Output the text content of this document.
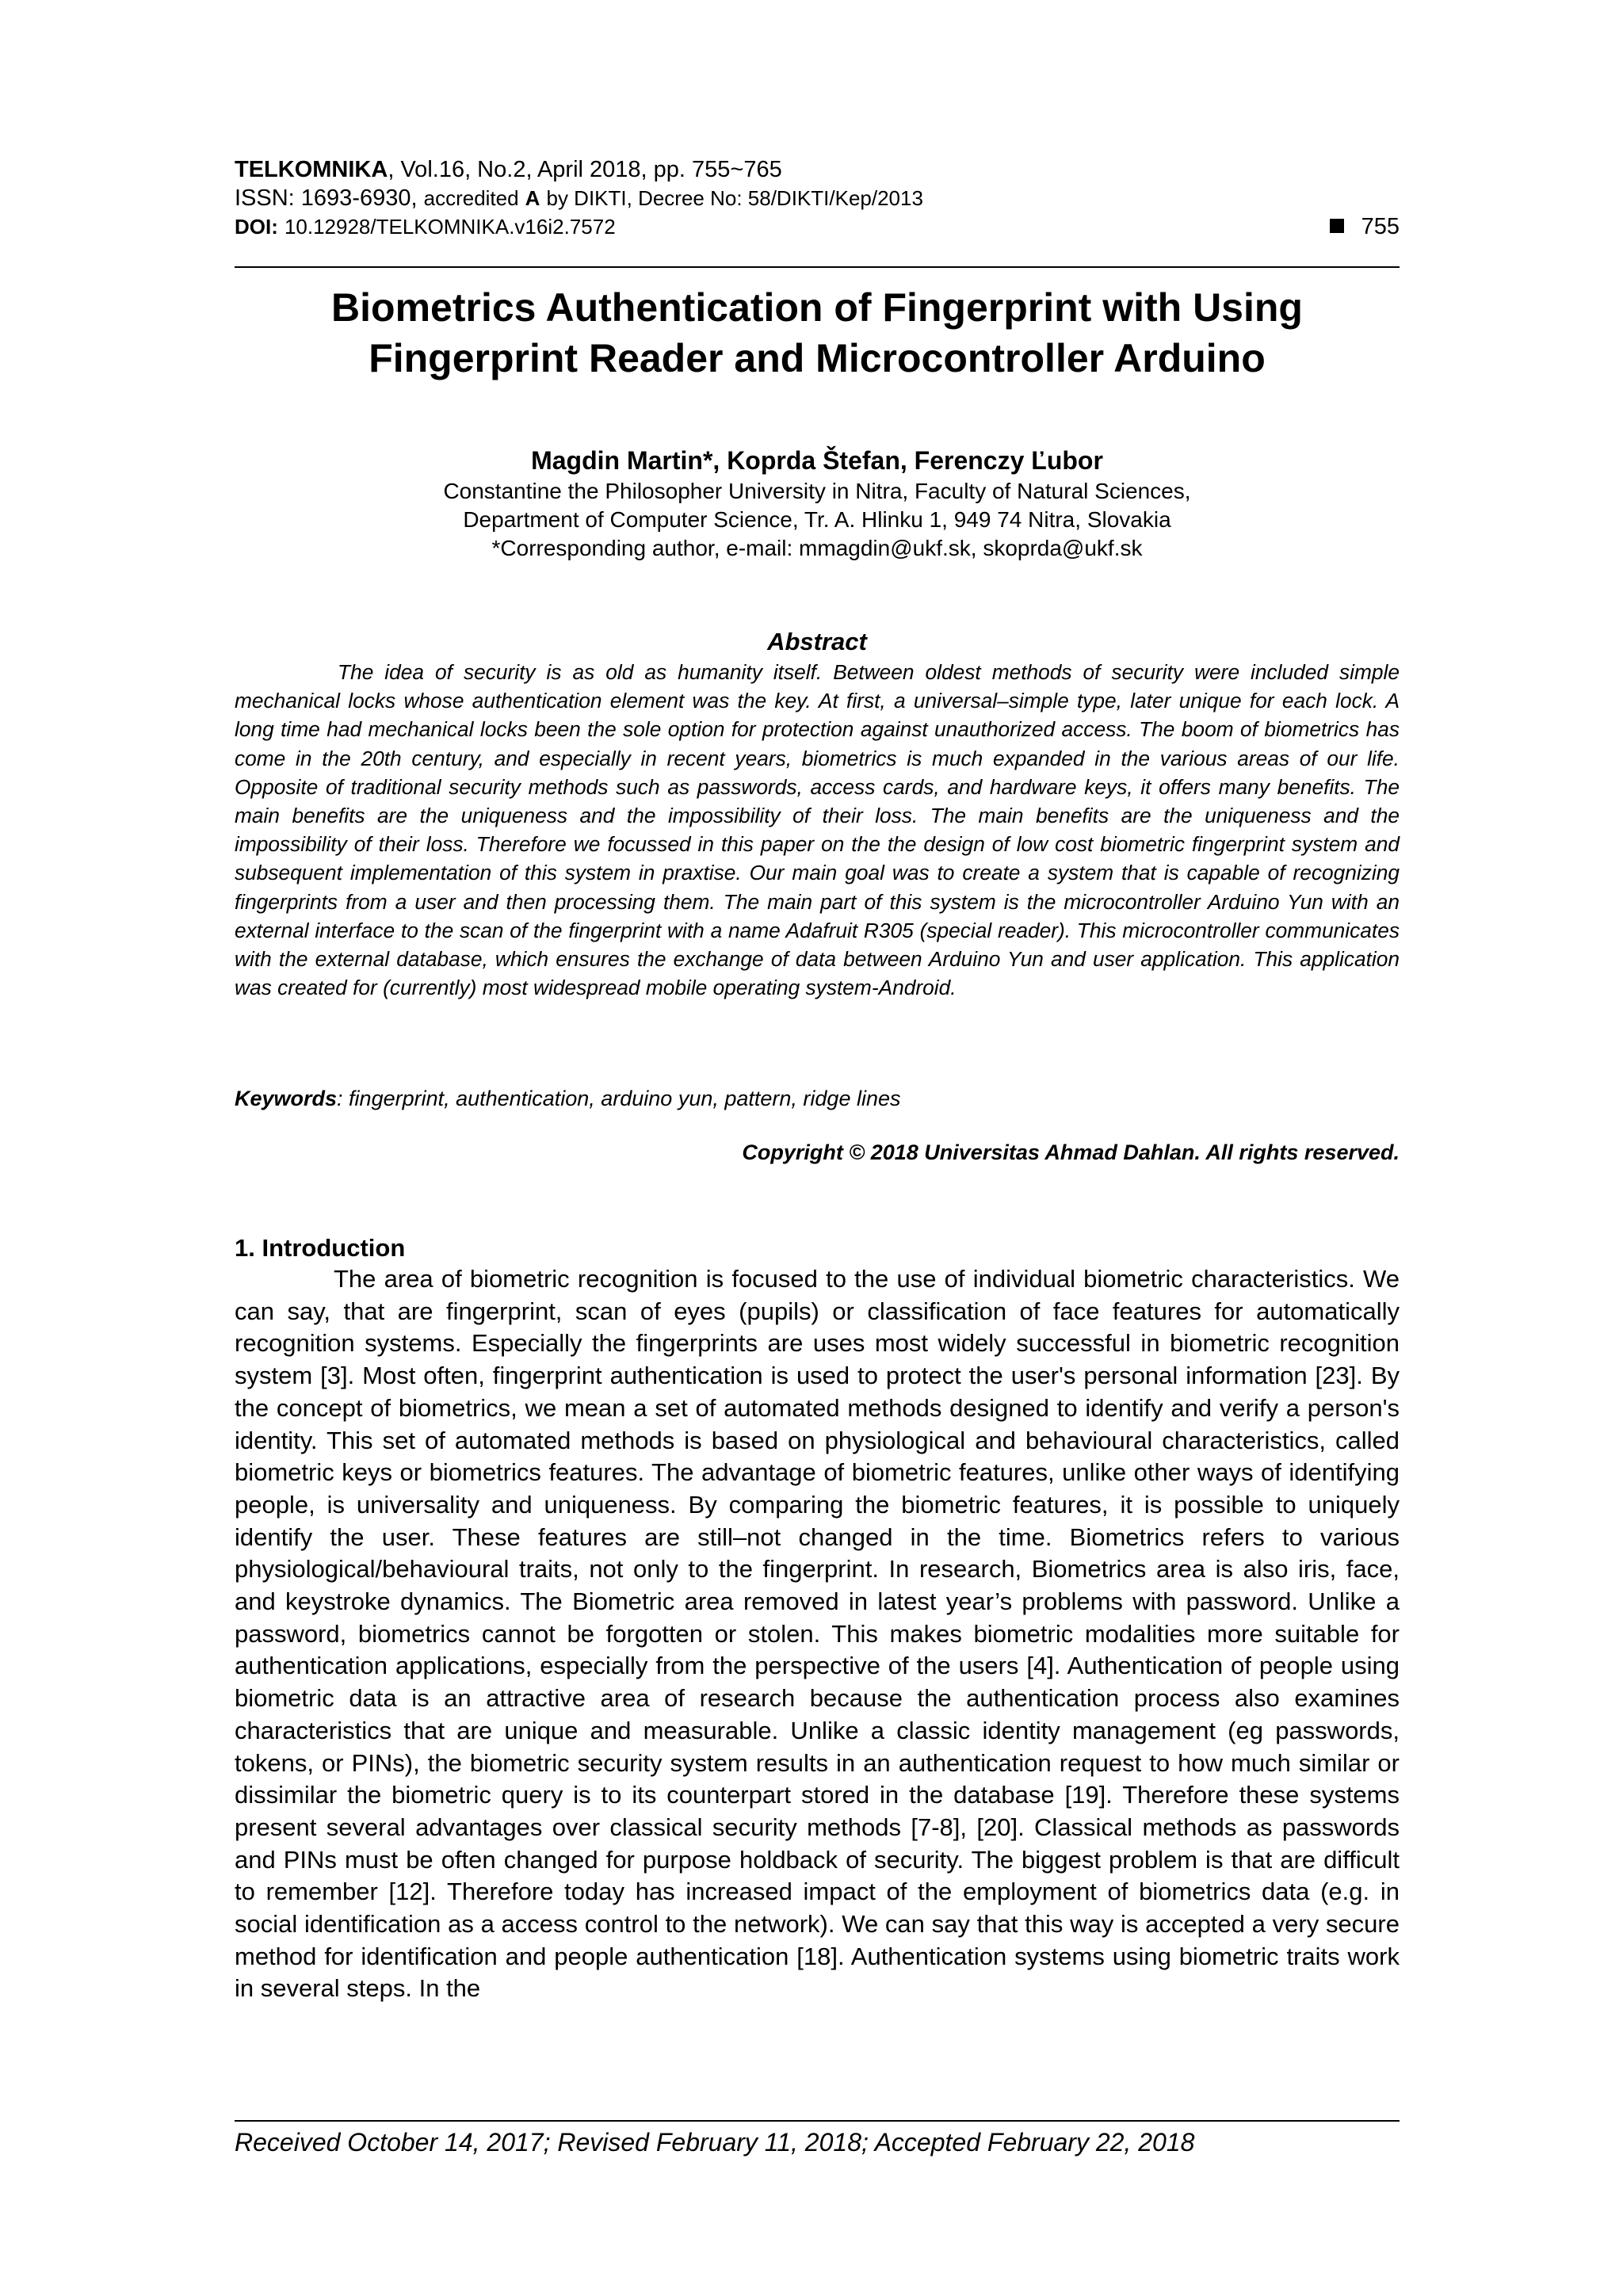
TELKOMNIKA, Vol.16, No.2, April 2018, pp. 755~765
ISSN: 1693-6930, accredited A by DIKTI, Decree No: 58/DIKTI/Kep/2013
DOI: 10.12928/TELKOMNIKA.v16i2.7572	755
Biometrics Authentication of Fingerprint with Using
Fingerprint Reader and Microcontroller Arduino
Magdin Martin*, Koprda Štefan, Ferenczy Ľubor
Constantine the Philosopher University in Nitra, Faculty of Natural Sciences,
Department of Computer Science, Tr. A. Hlinku 1, 949 74 Nitra, Slovakia
*Corresponding author, e-mail: mmagdin@ukf.sk, skoprda@ukf.sk
Abstract

The idea of security is as old as humanity itself. Between oldest methods of security were included simple mechanical locks whose authentication element was the key. At first, a universal–simple type, later unique for each lock. A long time had mechanical locks been the sole option for protection against unauthorized access. The boom of biometrics has come in the 20th century, and especially in recent years, biometrics is much expanded in the various areas of our life. Opposite of traditional security methods such as passwords, access cards, and hardware keys, it offers many benefits. The main benefits are the uniqueness and the impossibility of their loss. The main benefits are the uniqueness and the impossibility of their loss. Therefore we focussed in this paper on the the design of low cost biometric fingerprint system and subsequent implementation of this system in praxtise. Our main goal was to create a system that is capable of recognizing fingerprints from a user and then processing them. The main part of this system is the microcontroller Arduino Yun with an external interface to the scan of the fingerprint with a name Adafruit R305 (special reader). This microcontroller communicates with the external database, which ensures the exchange of data between Arduino Yun and user application. This application was created for (currently) most widespread mobile operating system-Android.

Keywords: fingerprint, authentication, arduino yun, pattern, ridge lines
Copyright © 2018 Universitas Ahmad Dahlan. All rights reserved.
1. Introduction

The area of biometric recognition is focused to the use of individual biometric characteristics. We can say, that are fingerprint, scan of eyes (pupils) or classification of face features for automatically recognition systems. Especially the fingerprints are uses most widely successful in biometric recognition system [3]. Most often, fingerprint authentication is used to protect the user's personal information [23]. By the concept of biometrics, we mean a set of automated methods designed to identify and verify a person's identity. This set of automated methods is based on physiological and behavioural characteristics, called biometric keys or biometrics features. The advantage of biometric features, unlike other ways of identifying people, is universality and uniqueness. By comparing the biometric features, it is possible to uniquely identify the user. These features are still–not changed in the time. Biometrics refers to various physiological/behavioural traits, not only to the fingerprint. In research, Biometrics area is also iris, face, and keystroke dynamics. The Biometric area removed in latest year’s problems with password. Unlike a password, biometrics cannot be forgotten or stolen. This makes biometric modalities more suitable for authentication applications, especially from the perspective of the users [4]. Authentication of people using biometric data is an attractive area of research because the authentication process also examines characteristics that are unique and measurable. Unlike a classic identity management (eg passwords, tokens, or PINs), the biometric security system results in an authentication request to how much similar or dissimilar the biometric query is to its counterpart stored in the database [19]. Therefore these systems present several advantages over classical security methods [7-8], [20]. Classical methods as passwords and PINs must be often changed for purpose holdback of security. The biggest problem is that are difficult to remember [12]. Therefore today has increased impact of the employment of biometrics data (e.g. in social identification as a access control to the network). We can say that this way is accepted a very secure method for identification and people authentication [18]. Authentication systems using biometric traits work in several steps. In the

Received October 14, 2017; Revised February 11, 2018; Accepted February 22, 2018
